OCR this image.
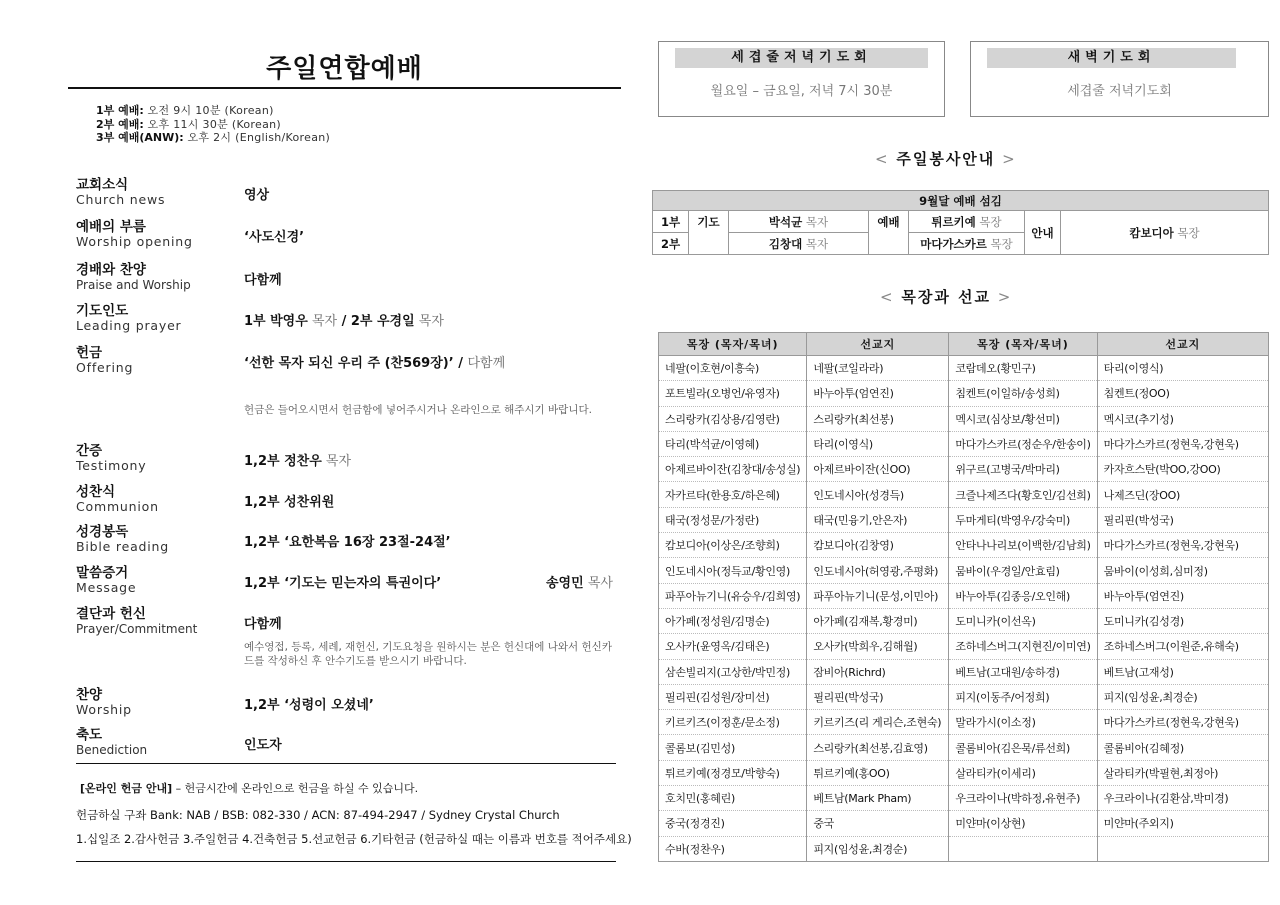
주일연합예배
1부 예배: 오전 9시 10분 (Korean)
2부 예배: 오후 11시 30분 (Korean)
3부 예배(ANW): 오후 2시 (English/Korean)
교회소식
Church news	영상
예배의 부름
Worship opening	‘사도신경’
경배와 찬양
Praise and Worship	다함께
기도인도
Leading prayer	1부 박영우 목자 / 2부 우경일 목자
헌금
Offering	‘선한 목자 되신 우리 주 (찬569장)’ / 다함께
헌금은 들어오시면서 헌금함에 넣어주시거나 온라인으로 해주시기 바랍니다.
간증
Testimony	1,2부 정찬우 목자
성찬식
Communion	1,2부 성찬위원
성경봉독
Bible reading	1,2부 ‘요한복음 16장 23절-24절’
말씀증거
Message	1,2부 ‘기도는 믿는자의 특권이다’	송영민 목사
결단과 헌신
Prayer/Commitment	다함께
예수영접, 등록, 세례, 재헌신, 기도요청을 원하시는 분은 헌신대에 나와서 헌신카드를 작성하신 후 안수기도를 받으시기 바랍니다.
찬양
Worship	1,2부 ‘성령이 오셨네’
축도
Benediction	인도자
[온라인 헌금 안내] – 헌금시간에 온라인으로 헌금을 하실 수 있습니다.
헌금하실 구좌 Bank: NAB / BSB: 082-330 / ACN: 87-494-2947 / Sydney Crystal Church
1.십일조 2.감사헌금 3.주일헌금 4.건축헌금 5.선교헌금 6.기타헌금 (헌금하실 때는 이름과 번호를 적어주세요)
세겹줄저녁기도회
월요일 – 금요일, 저녁 7시 30분
새벽기도회
세겹줄 저녁기도회
< 주일봉사안내 >
9월달 예배 섬김						
1부	기도	박석균 목자	예배	튀르키예 목장	안내	캄보디아 목장
2부		김창대 목자		마다가스카르 목장		
< 목장과 선교 >
목장 (목자/목녀)	선교지	목장 (목자/목녀)	선교지
네팔(이호현/이흥숙)	네팔(코일라라)	코람데오(황민구)	타리(이영식)
포트빌라(오병언/유영자)	바누아투(엄연진)	침켄트(이일하/송성희)	침켄트(정OO)
스리랑카(김상용/김영란)	스리랑카(최선봉)	멕시코(심상보/황선미)	멕시코(추기성)
타리(박석균/이영혜)	타리(이영식)	마다가스카르(정순우/한송이)	마다가스카르(정현욱,강현욱)
아제르바이잔(김창대/송성실)	아제르바이잔(신OO)	위구르(고병국/박마리)	카자흐스탄(박OO,강OO)
자카르타(한용호/하은혜)	인도네시아(성경득)	크즐나제즈다(황호인/김선희)	나제즈딘(장OO)
태국(정성문/가정란)	태국(민융기,안은자)	두마게티(박영우/강숙미)	필리핀(박성국)
캄보디아(이상은/조향희)	캄보디아(김창영)	안타나나리보(이백한/김남희)	마다가스카르(정현욱,강현욱)
인도네시아(정득교/황인영)	인도네시아(허영광,주평화)	뭄바이(우경일/안효림)	뭄바이(이성희,심미정)
파푸아뉴기니(유승우/김희영)	파푸아뉴기니(문성,이민아)	바누아투(김종응/오인해)	바누아투(엄연진)
아가페(정성원/김명순)	아가페(김재복,황경미)	도미니카(이선옥)	도미니카(김성경)
오사카(윤영옥/김태은)	오사카(박희우,김해월)	조하네스버그(지현진/이미연)	조하네스버그(이원준,유해숙)
삼손빌리지(고상한/박민정)	잠비아(Richrd)	베트남(고대원/송하경)	베트남(고재성)
필리핀(김성원/장미선)	필리핀(박성국)	피지(이동주/어정희)	피지(임성윤,최경순)
키르키즈(이정훈/문소정)	키르키즈(리 게리슨,조현숙)	말라가시(이소정)	마다가스카르(정현욱,강현욱)
콜롬보(김민성)	스리랑카(최선봉,김효영)	콜롬비아(김은묵/류선희)	콜롬비아(김혜정)
튀르키예(정경모/박향숙)	튀르키예(홍OO)	살라티카(이세리)	살라티카(박필현,최정아)
호치민(홍혜린)	베트남(Mark Pham)	우크라이나(박하정,유현주)	우크라이나(김환삼,박미경)
중국(정경진)	중국	미얀마(이상현)	미얀마(주외지)
수바(정찬우)	피지(임성윤,최경순)		
